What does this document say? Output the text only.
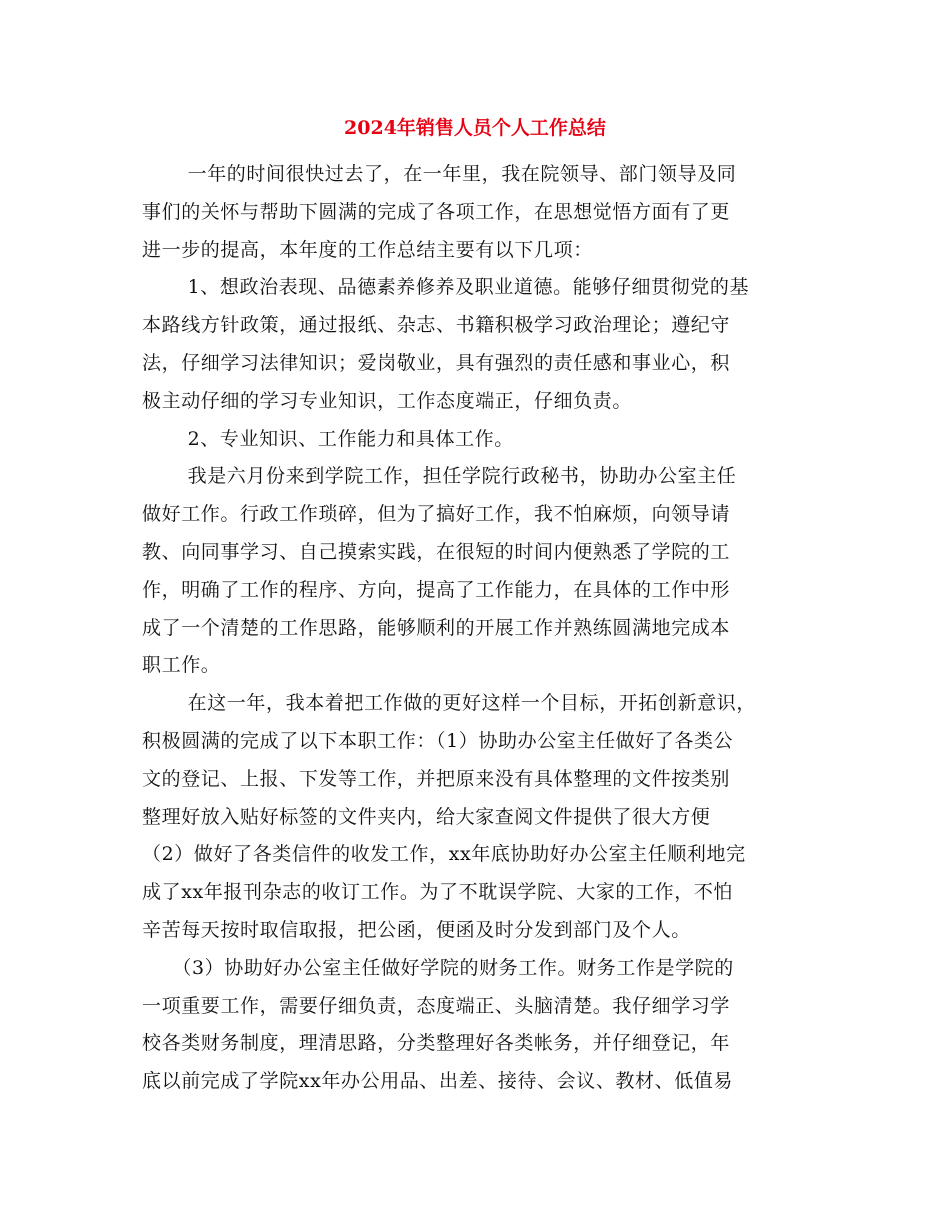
2024年销售人员个人工作总结

一年的时间很快过去了，在一年里，我在院领导、部门领导及同
事们的关怀与帮助下圆满的完成了各项工作，在思想觉悟方面有了更
进一步的提高，本年度的工作总结主要有以下几项：

1、想政治表现、品德素养修养及职业道德。能够仔细贯彻党的基
本路线方针政策，通过报纸、杂志、书籍积极学习政治理论；遵纪守
法，仔细学习法律知识；爱岗敬业，具有强烈的责任感和事业心，积
极主动仔细的学习专业知识，工作态度端正，仔细负责。

2、专业知识、工作能力和具体工作。

我是六月份来到学院工作，担任学院行政秘书，协助办公室主任
做好工作。行政工作琐碎，但为了搞好工作，我不怕麻烦，向领导请
教、向同事学习、自己摸索实践，在很短的时间内便熟悉了学院的工
作，明确了工作的程序、方向，提高了工作能力，在具体的工作中形
成了一个清楚的工作思路，能够顺利的开展工作并熟练圆满地完成本
职工作。

在这一年，我本着把工作做的更好这样一个目标，开拓创新意识，
积极圆满的完成了以下本职工作：（1）协助办公室主任做好了各类公
文的登记、上报、下发等工作，并把原来没有具体整理的文件按类别
整理好放入贴好标签的文件夹内，给大家查阅文件提供了很大方便
（2）做好了各类信件的收发工作，xx年底协助好办公室主任顺利地完
成了xx年报刊杂志的收订工作。为了不耽误学院、大家的工作，不怕
辛苦每天按时取信取报，把公函，便函及时分发到部门及个人。

（3）协助好办公室主任做好学院的财务工作。财务工作是学院的
一项重要工作，需要仔细负责，态度端正、头脑清楚。我仔细学习学
校各类财务制度，理清思路，分类整理好各类帐务，并仔细登记，年
底以前完成了学院xx年办公用品、出差、接待、会议、教材、低值易
